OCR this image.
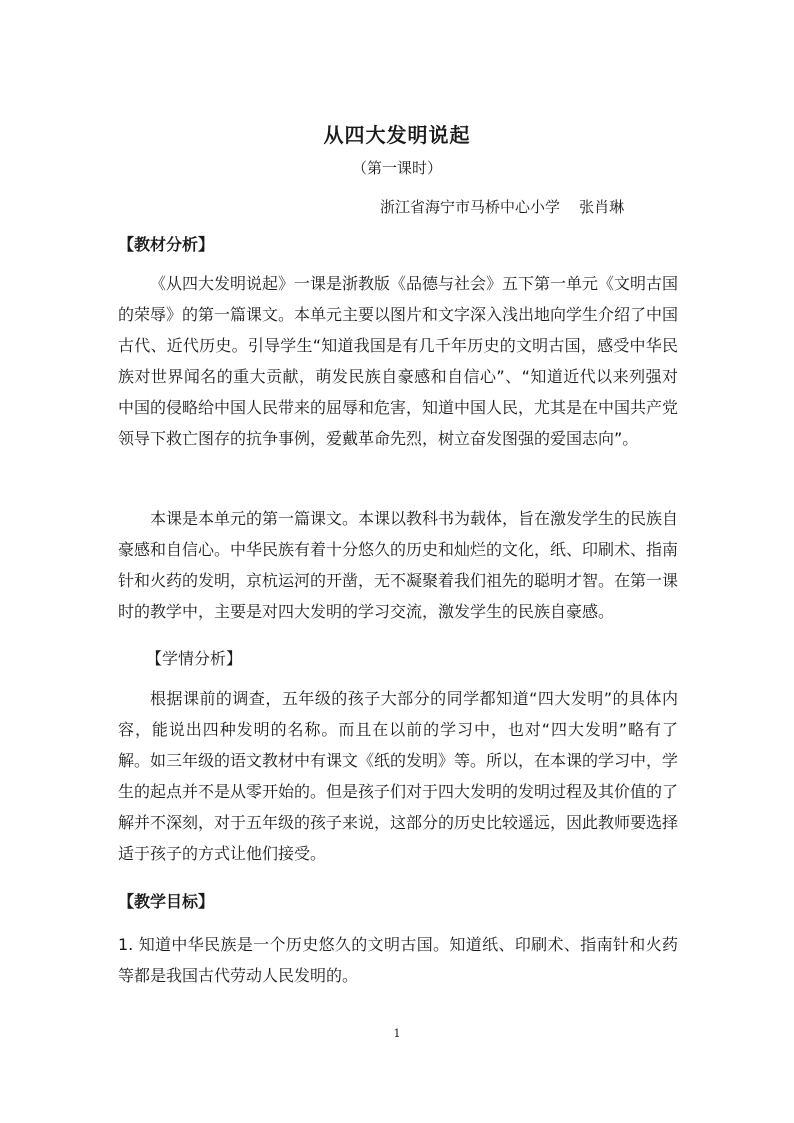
从四大发明说起
（第一课时）
浙江省海宁市马桥中心小学    张肖琳
【教材分析】
《从四大发明说起》一课是浙教版《品德与社会》五下第一单元《文明古国的荣辱》的第一篇课文。本单元主要以图片和文字深入浅出地向学生介绍了中国古代、近代历史。引导学生“知道我国是有几千年历史的文明古国，感受中华民族对世界闻名的重大贡献，萌发民族自豪感和自信心”、“知道近代以来列强对中国的侵略给中国人民带来的屈辱和危害，知道中国人民，尤其是在中国共产党领导下救亡图存的抗争事例，爱戴革命先烈，树立奋发图强的爱国志向”。
本课是本单元的第一篇课文。本课以教科书为载体，旨在激发学生的民族自豪感和自信心。中华民族有着十分悠久的历史和灿烂的文化，纸、印刷术、指南针和火药的发明，京杭运河的开凿，无不凝聚着我们祖先的聪明才智。在第一课时的教学中，主要是对四大发明的学习交流，激发学生的民族自豪感。
【学情分析】
根据课前的调查，五年级的孩子大部分的同学都知道“四大发明”的具体内容，能说出四种发明的名称。而且在以前的学习中，也对“四大发明”略有了解。如三年级的语文教材中有课文《纸的发明》等。所以，在本课的学习中，学生的起点并不是从零开始的。但是孩子们对于四大发明的发明过程及其价值的了解并不深刻，对于五年级的孩子来说，这部分的历史比较遥远，因此教师要选择适于孩子的方式让他们接受。
【教学目标】
1. 知道中华民族是一个历史悠久的文明古国。知道纸、印刷术、指南针和火药等都是我国古代劳动人民发明的。
1
